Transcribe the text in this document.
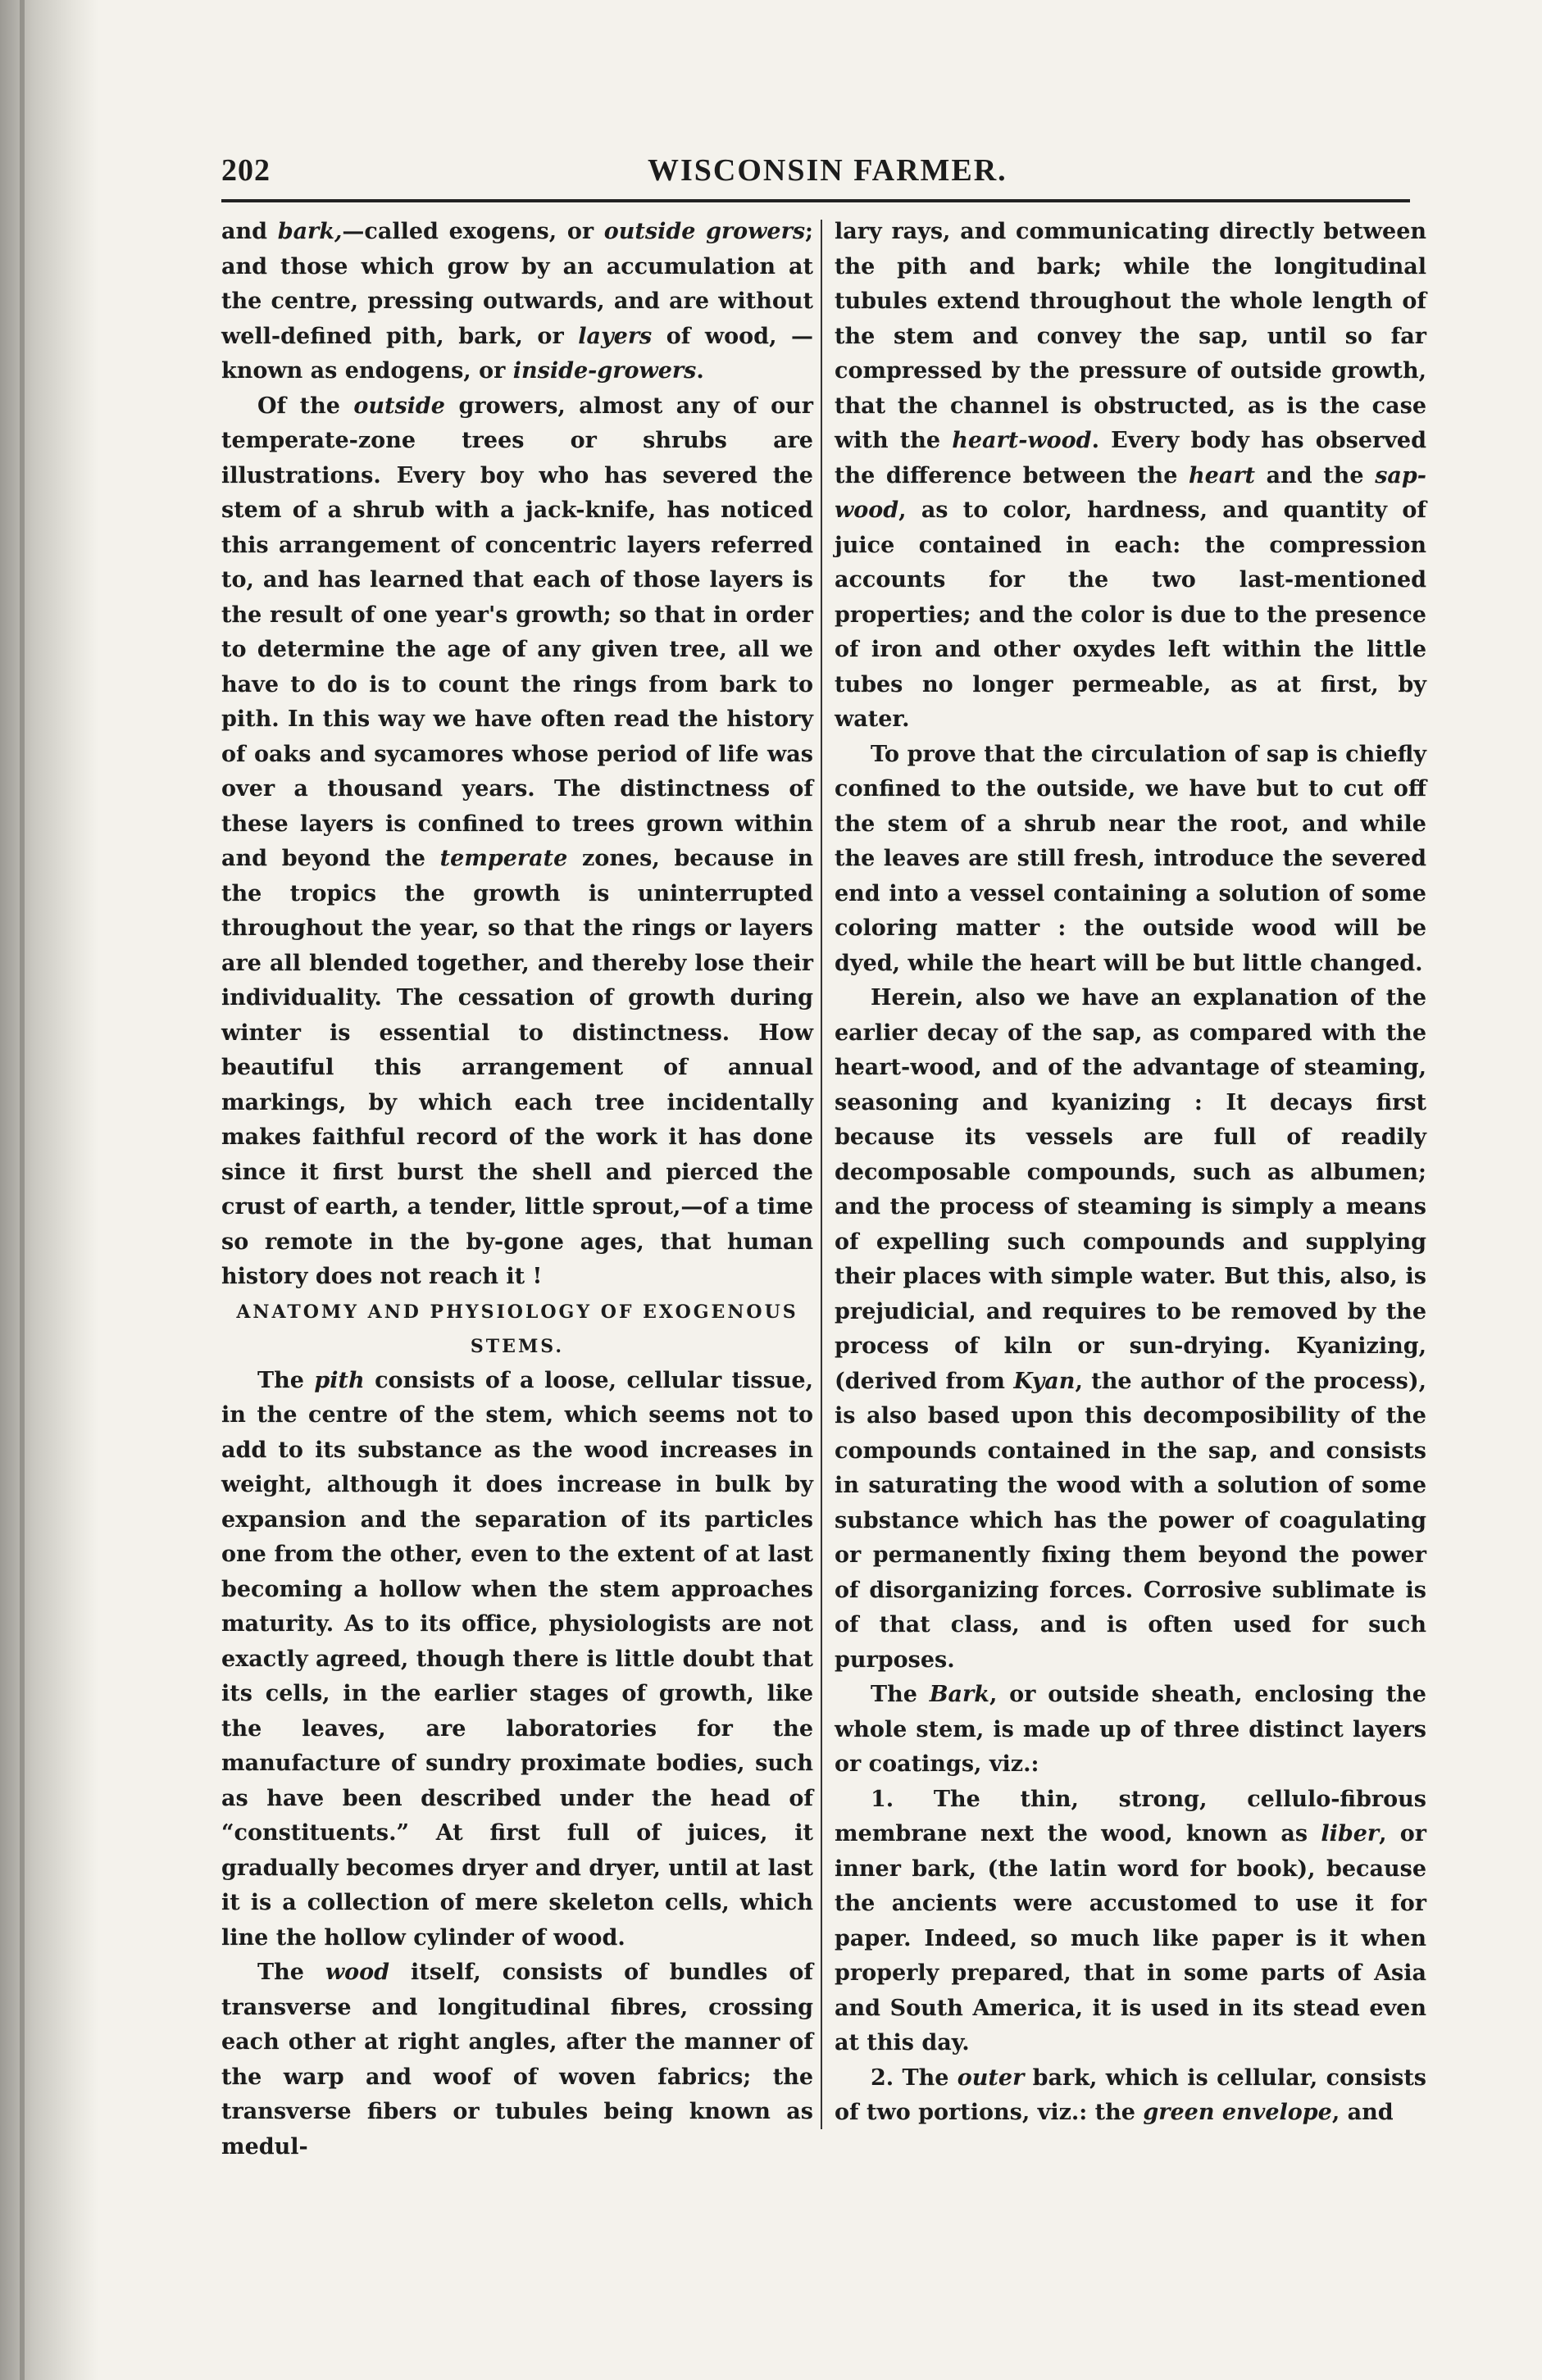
202	WISCONSIN FARMER.

and bark,—called exogens, or outside growers; and those which grow by an accumulation at the centre, pressing outwards, and are without well-defined pith, bark, or layers of wood, —known as endogens, or inside-growers.

Of the outside growers, almost any of our temperate-zone trees or shrubs are illustrations. Every boy who has severed the stem of a shrub with a jack-knife, has noticed this arrangement of concentric layers referred to, and has learned that each of those layers is the result of one year's growth; so that in order to determine the age of any given tree, all we have to do is to count the rings from bark to pith. In this way we have often read the history of oaks and sycamores whose period of life was over a thousand years. The distinctness of these layers is confined to trees grown within and beyond the temperate zones, because in the tropics the growth is uninterrupted throughout the year, so that the rings or layers are all blended together, and thereby lose their individuality. The cessation of growth during winter is essential to distinctness. How beautiful this arrangement of annual markings, by which each tree incidentally makes faithful record of the work it has done since it first burst the shell and pierced the crust of earth, a tender, little sprout,—of a time so remote in the by-gone ages, that human history does not reach it !

ANATOMY AND PHYSIOLOGY OF EXOGENOUS STEMS.

The pith consists of a loose, cellular tissue, in the centre of the stem, which seems not to add to its substance as the wood increases in weight, although it does increase in bulk by expansion and the separation of its particles one from the other, even to the extent of at last becoming a hollow when the stem approaches maturity. As to its office, physiologists are not exactly agreed, though there is little doubt that its cells, in the earlier stages of growth, like the leaves, are laboratories for the manufacture of sundry proximate bodies, such as have been described under the head of “constituents.” At first full of juices, it gradually becomes dryer and dryer, until at last it is a collection of mere skeleton cells, which line the hollow cylinder of wood.

The wood itself, consists of bundles of transverse and longitudinal fibres, crossing each other at right angles, after the manner of the warp and woof of woven fabrics; the transverse fibers or tubules being known as medul-

lary rays, and communicating directly between the pith and bark; while the longitudinal tubules extend throughout the whole length of the stem and convey the sap, until so far compressed by the pressure of outside growth, that the channel is obstructed, as is the case with the heart-wood. Every body has observed the difference between the heart and the sap-wood, as to color, hardness, and quantity of juice contained in each: the compression accounts for the two last-mentioned properties; and the color is due to the presence of iron and other oxydes left within the little tubes no longer permeable, as at first, by water.

To prove that the circulation of sap is chiefly confined to the outside, we have but to cut off the stem of a shrub near the root, and while the leaves are still fresh, introduce the severed end into a vessel containing a solution of some coloring matter : the outside wood will be dyed, while the heart will be but little changed.

Herein, also we have an explanation of the earlier decay of the sap, as compared with the heart-wood, and of the advantage of steaming, seasoning and kyanizing : It decays first because its vessels are full of readily decomposable compounds, such as albumen; and the process of steaming is simply a means of expelling such compounds and supplying their places with simple water. But this, also, is prejudicial, and requires to be removed by the process of kiln or sun-drying. Kyanizing, (derived from Kyan, the author of the process), is also based upon this decomposibility of the compounds contained in the sap, and consists in saturating the wood with a solution of some substance which has the power of coagulating or permanently fixing them beyond the power of disorganizing forces. Corrosive sublimate is of that class, and is often used for such purposes.

The Bark, or outside sheath, enclosing the whole stem, is made up of three distinct layers or coatings, viz.:

1. The thin, strong, cellulo-fibrous membrane next the wood, known as liber, or inner bark, (the latin word for book), because the ancients were accustomed to use it for paper. Indeed, so much like paper is it when properly prepared, that in some parts of Asia and South America, it is used in its stead even at this day.

2. The outer bark, which is cellular, consists of two portions, viz.: the green envelope, and
